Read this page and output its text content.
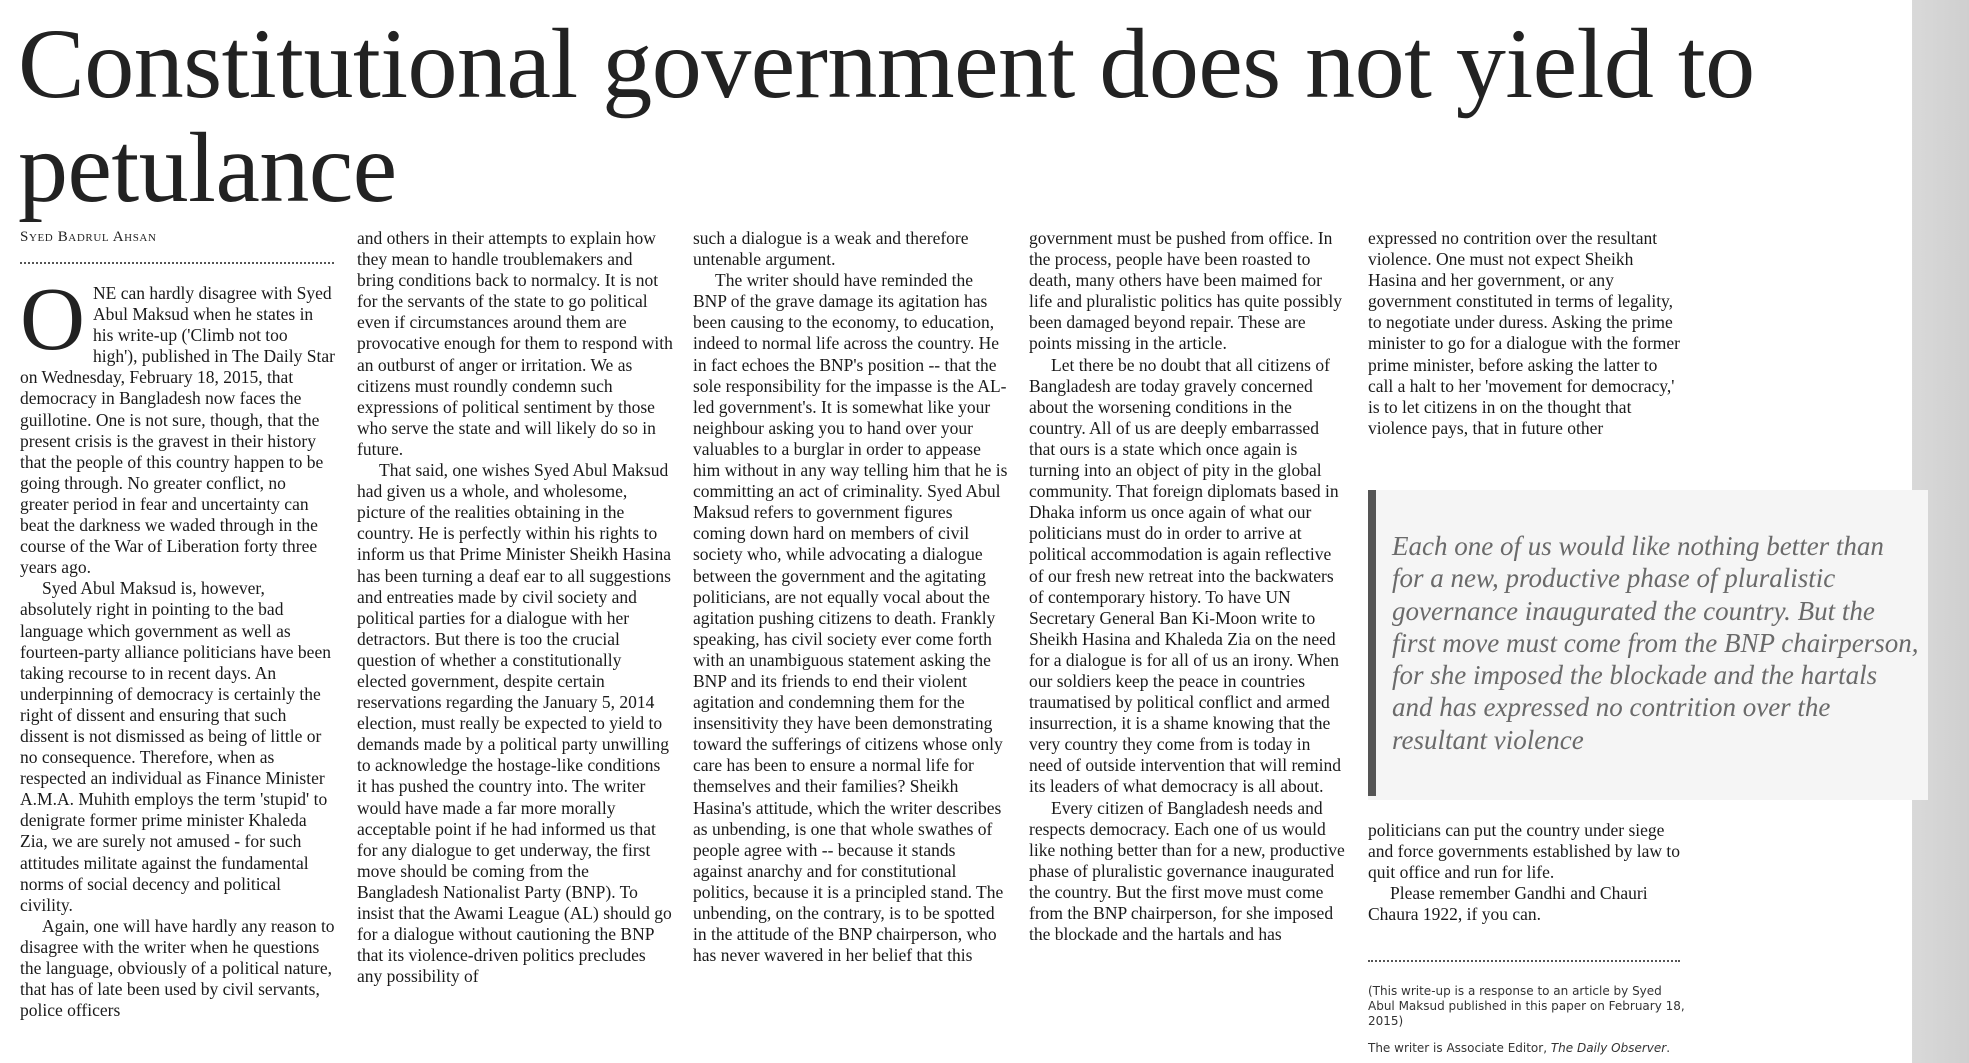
Constitutional government does not yield to petulance
Syed Badrul Ahsan

ONE can hardly disagree with Syed Abul Maksud when he states in his write-up ('Climb not too high'), published in The Daily Star on Wednesday, February 18, 2015, that democracy in Bangladesh now faces the guillotine. One is not sure, though, that the present crisis is the gravest in their history that the people of this country happen to be going through. No greater conflict, no greater period in fear and uncertainty can beat the darkness we waded through in the course of the War of Liberation forty three years ago.

Syed Abul Maksud is, however, absolutely right in pointing to the bad language which government as well as fourteen-party alliance politicians have been taking recourse to in recent days. An underpinning of democracy is certainly the right of dissent and ensuring that such dissent is not dismissed as being of little or no consequence. Therefore, when as respected an individual as Finance Minister A.M.A. Muhith employs the term 'stupid' to denigrate former prime minister Khaleda Zia, we are surely not amused - for such attitudes militate against the fundamental norms of social decency and political civility.

Again, one will have hardly any reason to disagree with the writer when he questions the language, obviously of a political nature, that has of late been used by civil servants, police officers

and others in their attempts to explain how they mean to handle troublemakers and bring conditions back to normalcy. It is not for the servants of the state to go political even if circumstances around them are provocative enough for them to respond with an outburst of anger or irritation. We as citizens must roundly condemn such expressions of political sentiment by those who serve the state and will likely do so in future.

That said, one wishes Syed Abul Maksud had given us a whole, and wholesome, picture of the realities obtaining in the country. He is perfectly within his rights to inform us that Prime Minister Sheikh Hasina has been turning a deaf ear to all suggestions and entreaties made by civil society and political parties for a dialogue with her detractors. But there is too the crucial question of whether a constitutionally elected government, despite certain reservations regarding the January 5, 2014 election, must really be expected to yield to demands made by a political party unwilling to acknowledge the hostage-like conditions it has pushed the country into. The writer would have made a far more morally acceptable point if he had informed us that for any dialogue to get underway, the first move should be coming from the Bangladesh Nationalist Party (BNP). To insist that the Awami League (AL) should go for a dialogue without cautioning the BNP that its violence-driven politics precludes any possibility of

such a dialogue is a weak and therefore untenable argument.

The writer should have reminded the BNP of the grave damage its agitation has been causing to the economy, to education, indeed to normal life across the country. He in fact echoes the BNP's position -- that the sole responsibility for the impasse is the AL-led government's. It is somewhat like your neighbour asking you to hand over your valuables to a burglar in order to appease him without in any way telling him that he is committing an act of criminality. Syed Abul Maksud refers to government figures coming down hard on members of civil society who, while advocating a dialogue between the government and the agitating politicians, are not equally vocal about the agitation pushing citizens to death. Frankly speaking, has civil society ever come forth with an unambiguous statement asking the BNP and its friends to end their violent agitation and condemning them for the insensitivity they have been demonstrating toward the sufferings of citizens whose only care has been to ensure a normal life for themselves and their families? Sheikh Hasina's attitude, which the writer describes as unbending, is one that whole swathes of people agree with -- because it stands against anarchy and for constitutional politics, because it is a principled stand. The unbending, on the contrary, is to be spotted in the attitude of the BNP chairperson, who has never wavered in her belief that this

government must be pushed from office. In the process, people have been roasted to death, many others have been maimed for life and pluralistic politics has quite possibly been damaged beyond repair. These are points missing in the article.

Let there be no doubt that all citizens of Bangladesh are today gravely concerned about the worsening conditions in the country. All of us are deeply embarrassed that ours is a state which once again is turning into an object of pity in the global community. That foreign diplomats based in Dhaka inform us once again of what our politicians must do in order to arrive at political accommodation is again reflective of our fresh new retreat into the backwaters of contemporary history. To have UN Secretary General Ban Ki-Moon write to Sheikh Hasina and Khaleda Zia on the need for a dialogue is for all of us an irony. When our soldiers keep the peace in countries traumatised by political conflict and armed insurrection, it is a shame knowing that the very country they come from is today in need of outside intervention that will remind its leaders of what democracy is all about.

Every citizen of Bangladesh needs and respects democracy. Each one of us would like nothing better than for a new, productive phase of pluralistic governance inaugurated the country. But the first move must come from the BNP chairperson, for she imposed the blockade and the hartals and has

expressed no contrition over the resultant violence. One must not expect Sheikh Hasina and her government, or any government constituted in terms of legality, to negotiate under duress. Asking the prime minister to go for a dialogue with the former prime minister, before asking the latter to call a halt to her 'movement for democracy,' is to let citizens in on the thought that violence pays, that in future other

Each one of us would like nothing better than for a new, productive phase of pluralistic governance inaugurated the country. But the first move must come from the BNP chairperson, for she imposed the blockade and the hartals and has expressed no contrition over the resultant violence

politicians can put the country under siege and force governments established by law to quit office and run for life.

Please remember Gandhi and Chauri Chaura 1922, if you can.

(This write-up is a response to an article by Syed Abul Maksud published in this paper on February 18, 2015)

The writer is Associate Editor, The Daily Observer.
